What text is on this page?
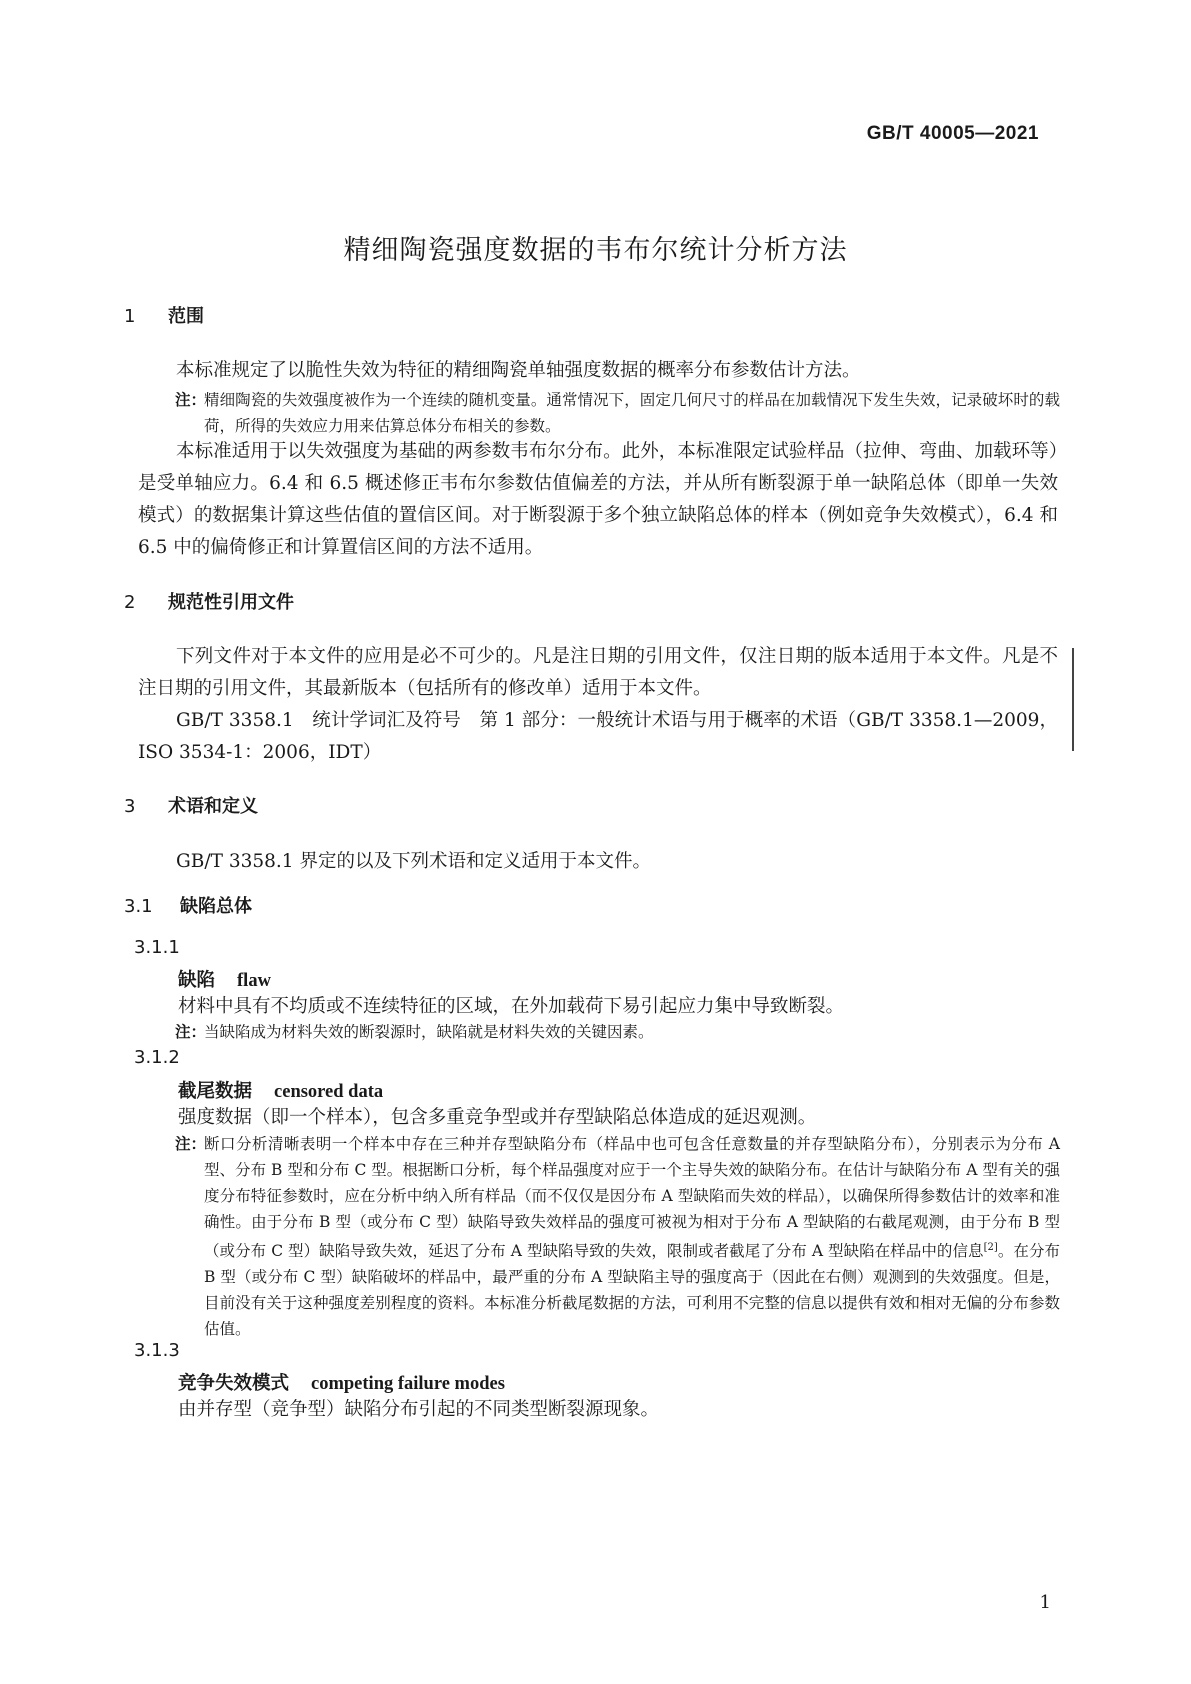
GB/T 40005—2021
精细陶瓷强度数据的韦布尔统计分析方法
1 范围
本标准规定了以脆性失效为特征的精细陶瓷单轴强度数据的概率分布参数估计方法。
注：
精细陶瓷的失效强度被作为一个连续的随机变量。通常情况下，固定几何尺寸的样品在加载情况下发生失效，记录破坏时的载荷，所得的失效应力用来估算总体分布相关的参数。
本标准适用于以失效强度为基础的两参数韦布尔分布。此外，本标准限定试验样品（拉伸、弯曲、加载环等）是受单轴应力。6.4 和 6.5 概述修正韦布尔参数估值偏差的方法，并从所有断裂源于单一缺陷总体（即单一失效模式）的数据集计算这些估值的置信区间。对于断裂源于多个独立缺陷总体的样本（例如竞争失效模式），6.4 和 6.5 中的偏倚修正和计算置信区间的方法不适用。
2 规范性引用文件
下列文件对于本文件的应用是必不可少的。凡是注日期的引用文件，仅注日期的版本适用于本文件。凡是不注日期的引用文件，其最新版本（包括所有的修改单）适用于本文件。
GB/T 3358.1　统计学词汇及符号　第 1 部分：一般统计术语与用于概率的术语（GB/T 3358.1—2009，ISO 3534-1：2006，IDT）
3 术语和定义
GB/T 3358.1 界定的以及下列术语和定义适用于本文件。
3.1 缺陷总体
3.1.1
缺陷 flaw
材料中具有不均质或不连续特征的区域，在外加载荷下易引起应力集中导致断裂。
注：
当缺陷成为材料失效的断裂源时，缺陷就是材料失效的关键因素。
3.1.2
截尾数据 censored data
强度数据（即一个样本），包含多重竞争型或并存型缺陷总体造成的延迟观测。
注：
断口分析清晰表明一个样本中存在三种并存型缺陷分布（样品中也可包含任意数量的并存型缺陷分布），分别表示为分布 A 型、分布 B 型和分布 C 型。根据断口分析，每个样品强度对应于一个主导失效的缺陷分布。在估计与缺陷分布 A 型有关的强度分布特征参数时，应在分析中纳入所有样品（而不仅仅是因分布 A 型缺陷而失效的样品），以确保所得参数估计的效率和准确性。由于分布 B 型（或分布 C 型）缺陷导致失效样品的强度可被视为相对于分布 A 型缺陷的右截尾观测，由于分布 B 型（或分布 C 型）缺陷导致失效，延迟了分布 A 型缺陷导致的失效，限制或者截尾了分布 A 型缺陷在样品中的信息[2]。在分布 B 型（或分布 C 型）缺陷破坏的样品中，最严重的分布 A 型缺陷主导的强度高于（因此在右侧）观测到的失效强度。但是，目前没有关于这种强度差别程度的资料。本标准分析截尾数据的方法，可利用不完整的信息以提供有效和相对无偏的分布参数估值。
3.1.3
竞争失效模式 competing failure modes
由并存型（竞争型）缺陷分布引起的不同类型断裂源现象。
1
